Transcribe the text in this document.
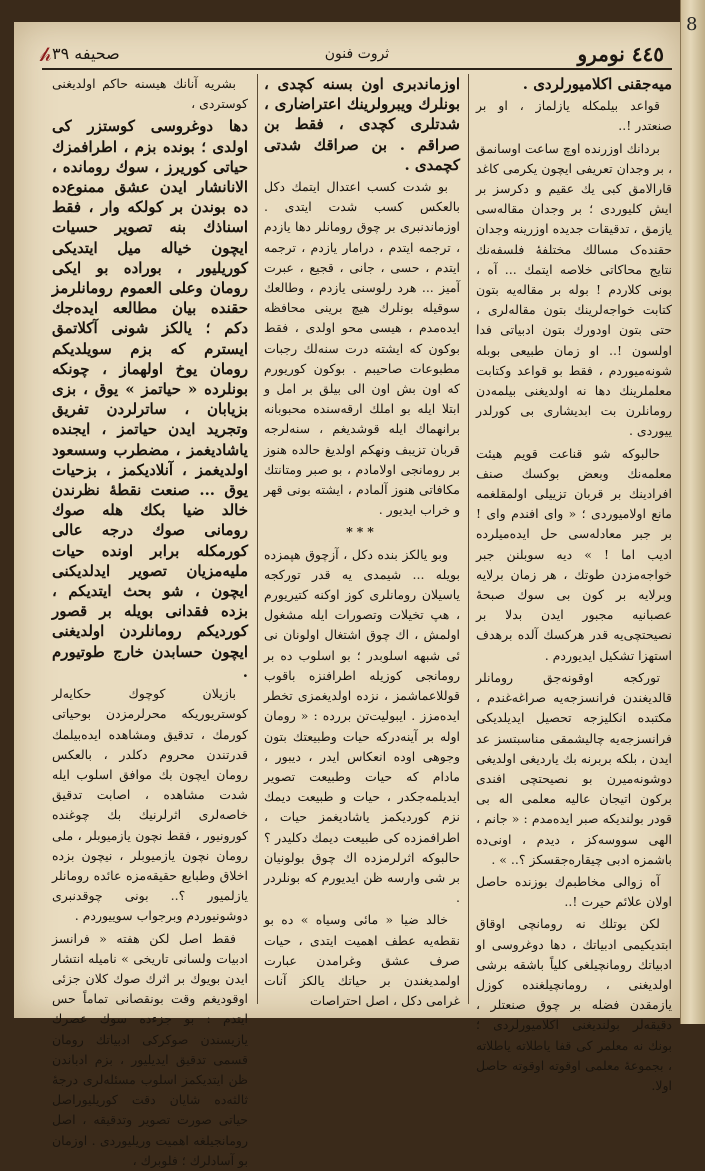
٤٤٥ نومرو
ثروت فنون
صحیفه ٣٩
𝒽

ميه‌جقنی اکلامیورلردی .

قواعد بیلمکله یازلماز ، او بر صنعتدر !..

بردانك اوزرنده اوچ ساعت اوسانمق ، بر وجدان تعریفی ایچون یکرمی کاغد قارالامق کبی یك عقیم و دکرسز بر ایش کلیوردی ؛ بر وجدان مقاله‌سی یازمق ، تدقیقات جدیده اوزرینه وجدان حقنده‌ک مسالك مختلفهٔ فلسفه‌نك نتایج محاکاتی خلاصه ایتمك ... آه ، بونی کلاردم ! بوله بر مقاله‌یه بتون کتابت خواجه‌لرینك بتون مقاله‌لری ، حتی بتون اودورك بتون ادبیاتی فدا اولسون !.. او زمان طبیعی بوبله شونه‌میوردم ، فقط بو قواعد وکتابت معلملرینك دها نه اولدیغنی بیلمه‌دن رومانلرن بت ابدیشاری بی کورلدر ییوردی .

حالبوکه شو قناعت قویم هیئت معلمه‌نك وبعض بوکسك صنف افرادینك بر قربان تزییلی اولمقلغمه مانع اولامیوردی ؛ « وای افندم وای ! بر جبر معادله‌سی حل ایده‌میلرده ادیب اما ! » دیه سوبلنن جبر خواجه‌مزدن طوتك ، هر زمان برلایه وبرلایه بر کون بی سوك صبحهٔ عصبانیه مجبور ایدن بدلا بر نصیحتچی‌یه قدر هرکسك آلده برهدف استهزا تشکیل ایدیوردم .

تورکجه اوقونه‌جق رومانلر قالدیغندن فرانسزجه‌یه صراغه‌غندم ، مکتبده انکلیزجه تحصیل ایدیلدیکی فرانسزجه‌یه چالیشمقی مناسبتسز عد ایدن ، بلکه بربرنه بك یاردیغی اولدیغی دوشونه‌میرن بو نصیحتچی افندی برکون اتیجان عالیه معلمی اله بی قودر بولندیکه صبر ایده‌مدم : « جانم ، الهی سووسه‌کز ، دیدم ، اونی‌ده باشمزه ادبی چیقاره‌جقسکز ؟.. » .

آه زوالی مخاطبم‌ك بوزنده حاصل اولان علائم حیرت !..

لکن بوتلك نه رومانچی اوقاق ابتدیکیمی ادبیاتك ، دها دوغروسی او ادبیاتك رومانچیلغی کلیاً باشقه برشی اولدیغنی ، رومانچیلغنده کوزل یازمقدن فضله بر چوق صنعتلر ، دقیقه‌لر بولندیغنی اکلامیورلردی ؛ بونك نه معلمر کی قفا یاطلاته یاطلاته ، بجموعهٔ معلمی اوقوته اوقوته حاصل اولا.

اوزماندبری اون بسنه کچدی ، بونلرك ویبرولرینك اعتراضاری ، شدتلری کچدی ، فقط بن صراقم . بن صراقك شدتی کچمدی .

بو شدت کسب اعتدال ایتمك دکل بالعکس کسب شدت ایتدی . اوزماندنبری بر چوق رومانلر دها یازدم ، ترجمه ایتدم ، درامار یازدم ، ترجمه ایتدم ، حسی ، جانی ، قجیع ، عبرت آمیز ... هرد رلوسنی یازدم ، وطالعك سوقیله بونلرك هیچ برینی محافظه ایده‌مدم ، هیسی محو اولدی ، فقط بوکون که ایشته درت سنه‌لك رجبات مطبوعات صاحیبم . بوکون کوریورم که اون بش اون الی بیلق بر امل و ابتلا ایله بو املك ارقه‌سنده محبوبانه برانهماك ایله قوشدیغم ، سنه‌لرجه قربان تزیبف ونهکم اولدیغ حالده هنوز بر رومانجی اولامادم ، بو صبر ومتانتك مکافاتی هنوز آلمادم ، ایشته بونی قهر و خراب ایدیور .

***

وبو یالکز بنده دکل ، آزچوق هپمزده بویله ... شیمدی یه قدر تورکجه یاسیلان رومانلری کوز اوکنه کتیریورم ، هپ تخیلات وتصورات ایله مشغول اولمش ، اك چوق اشتغال اولونان نی ئی شبهه اسلوبدر ؛ بو اسلوب ده بر رومانجی کوزیله اطرافنزه باقوب قوللاعماشمز ، نزده اولدیغمزی تخطر ایده‌مزز . ایبولیت‌تن بررده : « رومان اوله بر آینه‌درکه حیات وطبیعتك بتون وجوهی اوده انعکاس ایدر ، دیبور ، مادام که حیات وطبیعت تصویر ایدیلمه‌جکدر ، حیات و طبیعت دیمك نزم کوردیکمز یاشادیغمز حیات ، اطرافمزده کی طبیعت دیمك دکلیدر ؟ حالبوکه اثرلرمزده اك چوق بولونیان بر شی وارسه ظن ایدیورم که بونلردر .

خالد ضیا « مائی وسیاه » ده بو نقطه‌یه عطف اهمیت ایتدی ، حیات صرف عشق وغرامدن عبارت اولمدیغندن بر حیاتك یالکز آنات غرامی دکل ، اصل احتراصات

بشریه آنانك هیسنه حاکم اولدیغنی کوستردی ،

دها دوغروسی کوستزر کی اولدی ؛ بونده بزم ، اطرافمزك حیاتی کوریرز ، سوك رومانده ، الانانشار ایدن عشق ممنوع‌ده ده بوندن بر کولکه وار ، فقط اسناذك بنه تصویر حسیات ایچون خیاله میل ایتدیکی کوریلیور ، بوراده بو ایکی رومان وعلی العموم رومانلرمز حقنده بیان مطالعه ایده‌جك دکم ؛ یالکز شونی آکلاتمق ایسترم که بزم ‌سویلدیکم رومان یوخ اولهماز ، چونکه بونلرده « حیاتمز » یوق ، بزی بزیابان ، ساترلردن تفریق وتجرید ایدن حیاتمز ، ایجنده یاشادیغمز ، مضطرب وسسعود اولدیغمز ، آنلادیکمز ، بزحیات یوق ... صنعت نقطهٔ نظرندن خالد ضیا بکك هله صوك رومانی صوك درجه عالی کورمکله برابر اونده حیات ملیه‌مزیان تصویر ایدلدیکنی ایچون ، شو بحث ایتدیکم ، بزده فقدانی بویله بر قصور کوردیکم رومانلردن اولدیغنی ایچون حسابدن خارج طوتیورم .

بازیلان کوچوك حکایه‌لر کوستریوریکه محرلرمزدن بوحیاتی کورمك ، تدقیق ومشاهده ایده‌بیلمك قدرتندن محروم دکلدر ، بالعکس رومان ایچون بك موافق اسلوب ایله شدت مشاهده ، اصابت تدقیق خاصه‌لری اثرلرنیك بك چوغنده کورونیور ، فقط نچون یازمیوبلر ، ملی رومان نچون یازمیوبلر ، نیچون بزده اخلاق وطبایع حقیقه‌مزه عائده رومانلر یازلمیور ؟.. بونی چوقدنبری دوشونیوردم وبرجواب سوییوردم .

فقط اصل لکن هفته « فرانسز ادبیات ولسانی تاریخی » نامیله انتشار ایدن بویوك بر اثرك صوك کلان جزئی اوقودیغم وقت بونقصانی تماماً حس ایتدم : بو جزءده سوك عصرك یازیسندن صوکرکی ادبیاتك رومان قسمی تدقیق ایدیلیور ، بزم ادباندن ظن ایتدیکمز اسلوب مسئله‌لری درجهٔ ثالثه‌ده شایان دقت کوریلیوراصل حیاتی صورت تصویر وتدقیقه ، اصل رومانجیلغه اهمیت وریلیوردی . اوزمان بو آسادلرك ؛ فلوبرك ،

8
